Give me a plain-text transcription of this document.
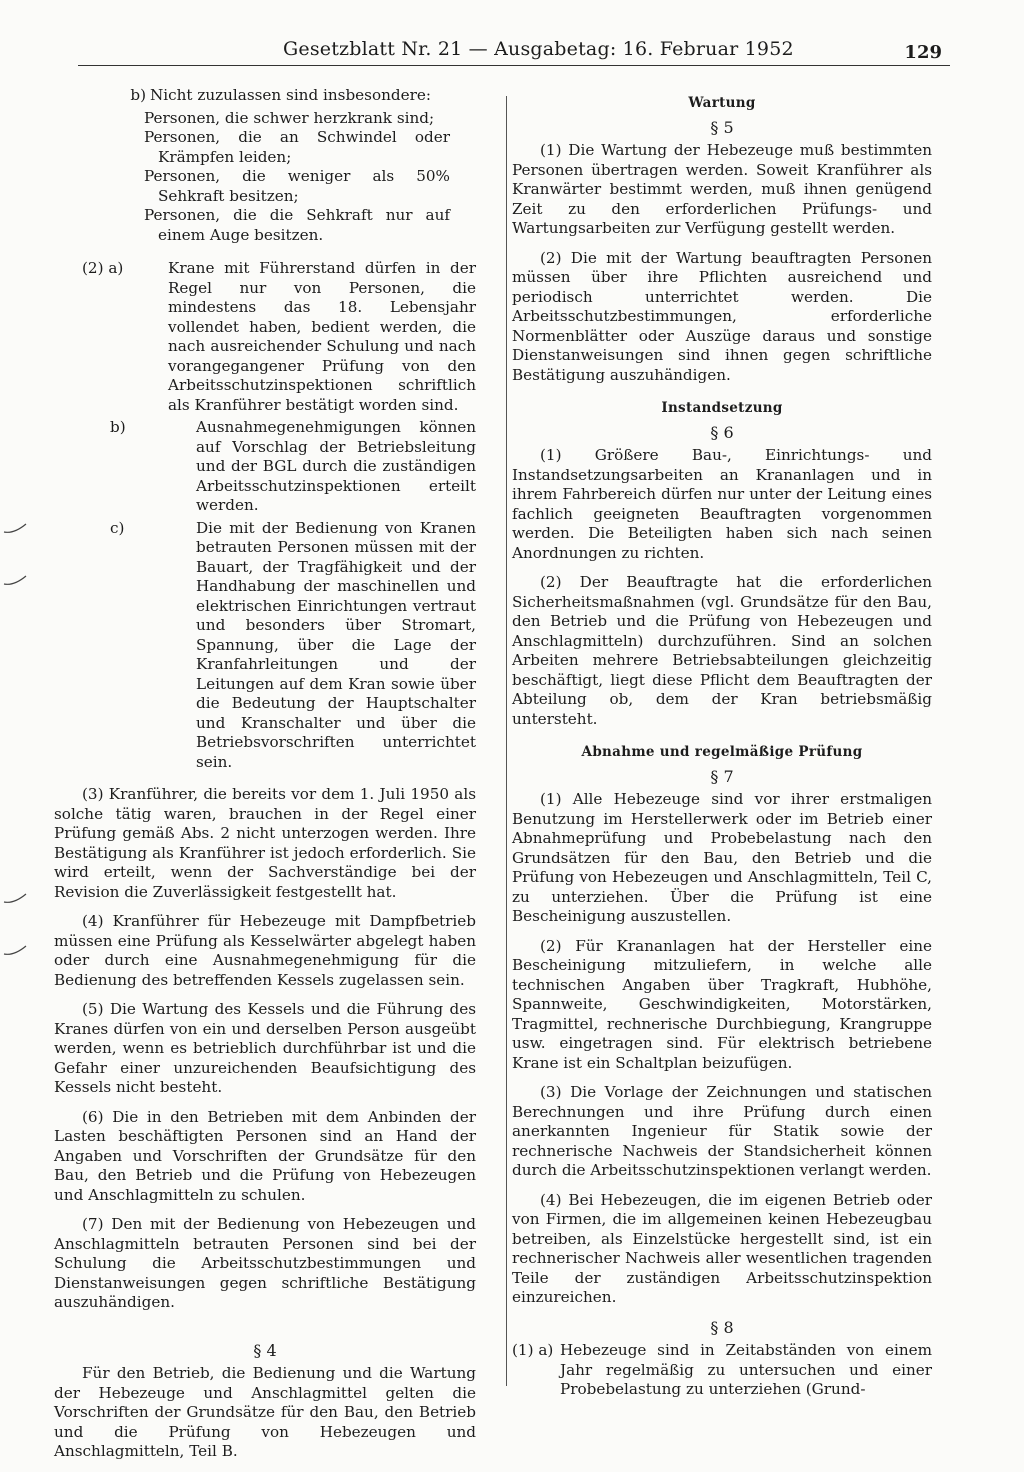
Gesetzblatt Nr. 21 — Ausgabetag: 16. Februar 1952	129
b) Nicht zuzulassen sind insbesondere:

Personen, die schwer herzkrank sind;
Personen, die an Schwindel oder Krämpfen leiden;
Personen, die weniger als 50% Sehkraft besitzen;
Personen, die die Sehkraft nur auf einem Auge besitzen.

(2) a)	Krane mit Führerstand dürfen in der Regel nur von Personen, die mindestens das 18. Lebensjahr vollendet haben, bedient werden, die nach ausreichender Schulung und nach vorangegangener Prüfung von den Arbeitsschutzinspektionen schriftlich als Kranführer bestätigt worden sind.
b)	Ausnahmegenehmigungen können auf Vorschlag der Betriebsleitung und der BGL durch die zuständigen Arbeitsschutzinspektionen erteilt werden.
c)	Die mit der Bedienung von Kranen betrauten Personen müssen mit der Bauart, der Tragfähigkeit und der Handhabung der maschinellen und elektrischen Einrichtungen vertraut und besonders über Stromart, Spannung, über die Lage der Kranfahrleitungen und der Leitungen auf dem Kran sowie über die Bedeutung der Hauptschalter und Kranschalter und über die Betriebsvorschriften unterrichtet sein.

(3) Kranführer, die bereits vor dem 1. Juli 1950 als solche tätig waren, brauchen in der Regel einer Prüfung gemäß Abs. 2 nicht unterzogen werden. Ihre Bestätigung als Kranführer ist jedoch erforderlich. Sie wird erteilt, wenn der Sachverständige bei der Revision die Zuverlässigkeit festgestellt hat.

(4) Kranführer für Hebezeuge mit Dampfbetrieb müssen eine Prüfung als Kesselwärter abgelegt haben oder durch eine Ausnahmegenehmigung für die Bedienung des betreffenden Kessels zugelassen sein.

(5) Die Wartung des Kessels und die Führung des Kranes dürfen von ein und derselben Person ausgeübt werden, wenn es betrieblich durchführbar ist und die Gefahr einer unzureichenden Beaufsichtigung des Kessels nicht besteht.

(6) Die in den Betrieben mit dem Anbinden der Lasten beschäftigten Personen sind an Hand der Angaben und Vorschriften der Grundsätze für den Bau, den Betrieb und die Prüfung von Hebezeugen und Anschlagmitteln zu schulen.

(7) Den mit der Bedienung von Hebezeugen und Anschlagmitteln betrauten Personen sind bei der Schulung die Arbeitsschutzbestimmungen und Dienstanweisungen gegen schriftliche Bestätigung auszuhändigen.

§ 4

Für den Betrieb, die Bedienung und die Wartung der Hebezeuge und Anschlagmittel gelten die Vorschriften der Grundsätze für den Bau, den Betrieb und die Prüfung von Hebezeugen und Anschlagmitteln, Teil B.

Wartung
§ 5

(1) Die Wartung der Hebezeuge muß bestimmten Personen übertragen werden. Soweit Kranführer als Kranwärter bestimmt werden, muß ihnen genügend Zeit zu den erforderlichen Prüfungs- und Wartungsarbeiten zur Verfügung gestellt werden.

(2) Die mit der Wartung beauftragten Personen müssen über ihre Pflichten ausreichend und periodisch unterrichtet werden. Die Arbeitsschutzbestimmungen, erforderliche Normenblätter oder Auszüge daraus und sonstige Dienstanweisungen sind ihnen gegen schriftliche Bestätigung auszuhändigen.

Instandsetzung
§ 6

(1) Größere Bau-, Einrichtungs- und Instandsetzungsarbeiten an Krananlagen und in ihrem Fahrbereich dürfen nur unter der Leitung eines fachlich geeigneten Beauftragten vorgenommen werden. Die Beteiligten haben sich nach seinen Anordnungen zu richten.

(2) Der Beauftragte hat die erforderlichen Sicherheitsmaßnahmen (vgl. Grundsätze für den Bau, den Betrieb und die Prüfung von Hebezeugen und Anschlagmitteln) durchzuführen. Sind an solchen Arbeiten mehrere Betriebsabteilungen gleichzeitig beschäftigt, liegt diese Pflicht dem Beauftragten der Abteilung ob, dem der Kran betriebsmäßig untersteht.

Abnahme und regelmäßige Prüfung
§ 7

(1) Alle Hebezeuge sind vor ihrer erstmaligen Benutzung im Herstellerwerk oder im Betrieb einer Abnahmeprüfung und Probebelastung nach den Grundsätzen für den Bau, den Betrieb und die Prüfung von Hebezeugen und Anschlagmitteln, Teil C, zu unterziehen. Über die Prüfung ist eine Bescheinigung auszustellen.

(2) Für Krananlagen hat der Hersteller eine Bescheinigung mitzuliefern, in welche alle technischen Angaben über Tragkraft, Hubhöhe, Spannweite, Geschwindigkeiten, Motorstärken, Tragmittel, rechnerische Durchbiegung, Krangruppe usw. eingetragen sind. Für elektrisch betriebene Krane ist ein Schaltplan beizufügen.

(3) Die Vorlage der Zeichnungen und statischen Berechnungen und ihre Prüfung durch einen anerkannten Ingenieur für Statik sowie der rechnerische Nachweis der Standsicherheit können durch die Arbeitsschutzinspektionen verlangt werden.

(4) Bei Hebezeugen, die im eigenen Betrieb oder von Firmen, die im allgemeinen keinen Hebezeugbau betreiben, als Einzelstücke hergestellt sind, ist ein rechnerischer Nachweis aller wesentlichen tragenden Teile der zuständigen Arbeitsschutzinspektion einzureichen.

§ 8
(1) a) Hebezeuge sind in Zeitabständen von einem Jahr regelmäßig zu untersuchen und einer Probebelastung zu unterziehen (Grund-
